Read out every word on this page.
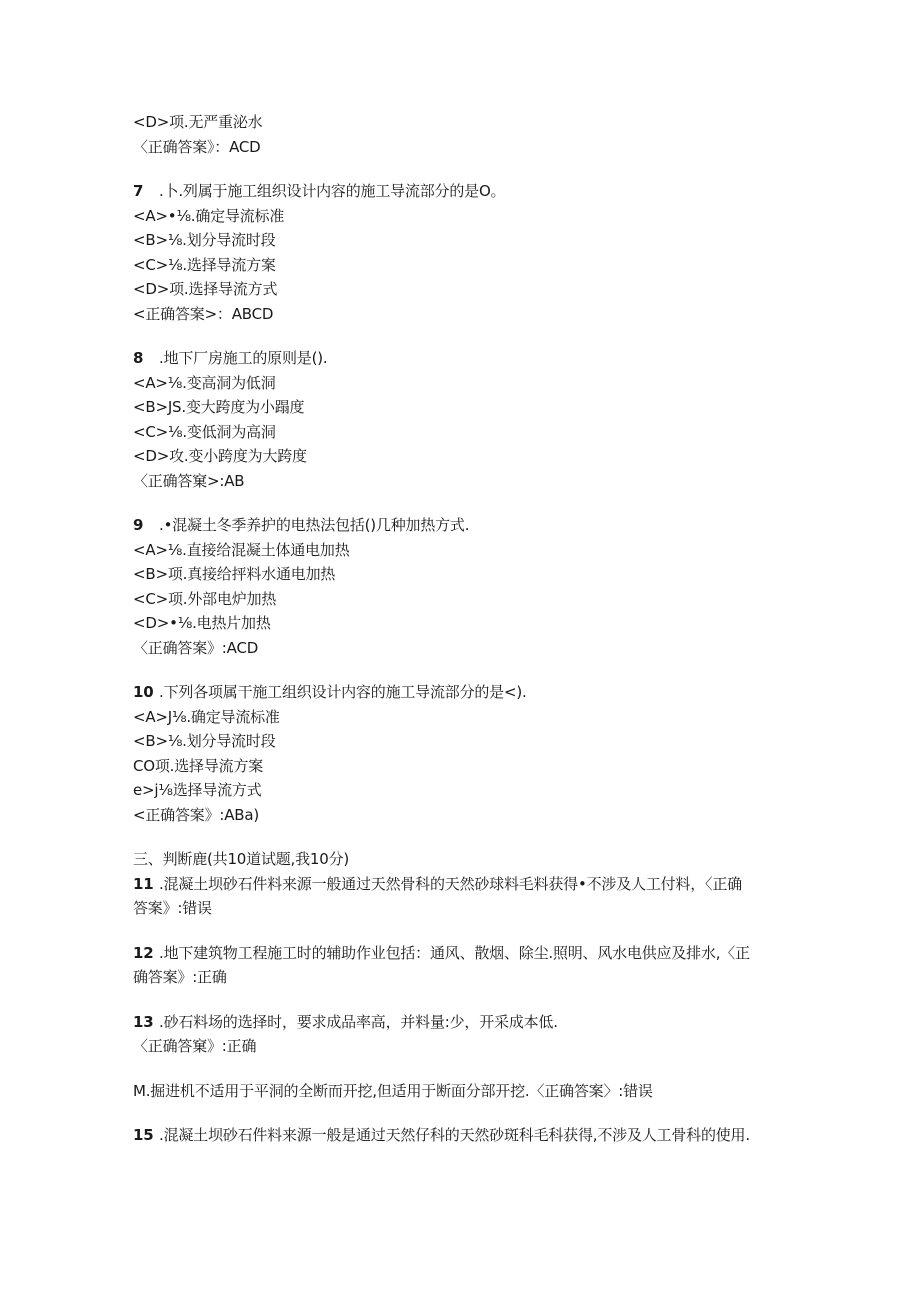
<D>项.无严重泌水
〈正确答案》：ACD
7 .卜.列属于施工组织设计内容的施工导流部分的是O。
<A>•⅛.确定导流标准
<B>⅛.划分导流时段
<C>⅛.选择导流方案
<D>项.选择导流方式
<正确答案>：ABCD
8 .地下厂房施工的原则是().
<A>⅛.变高洞为低洞
<B>JS.变大跨度为小蹋度
<C>⅛.变低洞为高洞
<D>攻.变小跨度为大跨度
〈正确答窠>:AB
9 .•混凝土冬季养护的电热法包括()几种加热方式.
<A>⅛.直接给混凝土体通电加热
<B>项.真接给抨料水通电加热
<C>项.外部电炉加热
<D>•⅛.电热片加热
〈正确答案》:ACD
10 .下列各项属干施工组织设计内容的施工导流部分的是<).
<A>J⅛.确定导流标准
<B>⅛.划分导流时段
CO项.选择导流方案
e>j⅛选择导流方式
<正确答案》:ABa)
三、判断鹿(共10道试题,我10分)
11 .混凝土坝砂石件料来源一般通过天然骨科的天然砂球料毛料获得•不涉及人工付料，〈正确
答案》:错误
12 .地下建筑物工程施工时的辅助作业包括：通风、散烟、除尘.照明、风水电供应及排水,〈正
确答案》:正确
13 .砂石料场的选择时，要求成品率高，并料量:少，开采成本低.
〈正确答窠》:正确
M.掘进机不适用于平洞的全断而开挖,但适用于断面分部开挖.〈正确答案〉:错误
15 .混凝土坝砂石件料来源一般是通过天然仔科的天然砂斑科毛科获得,不涉及人工骨科的使用.
